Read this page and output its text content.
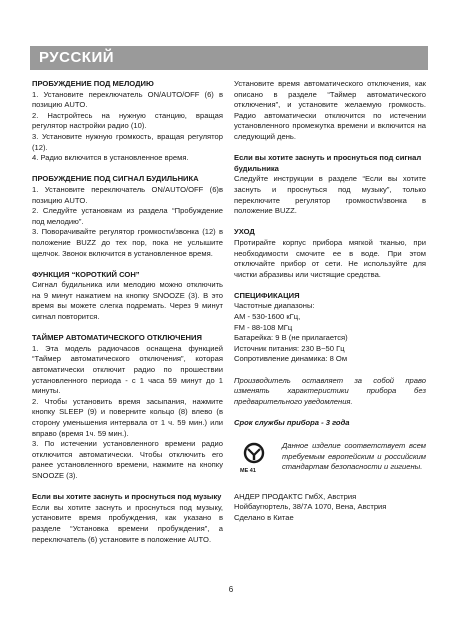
РУССКИЙ

ПРОБУЖДЕНИЕ ПОД МЕЛОДИЮ

1. Установите переключатель ON/AUTO/OFF (6) в позицию AUTO.

2. Настройтесь на нужную станцию, вращая регулятор настройки радио (10).

3. Установите нужную громкость, вращая регулятор (12).

4. Радио включится в установленное время.

ПРОБУЖДЕНИЕ ПОД СИГНАЛ БУДИЛЬНИКА

1. Установите переключатель ON/AUTO/OFF (6)в позицию AUTO.

2. Следуйте установкам из раздела “Пробуждение под мелодию”.

3. Поворачивайте регулятор громкости/звонка (12) в положение BUZZ до тех пор, пока не услышите щелчок. Звонок включится в установленное время.

ФУНКЦИЯ “КОРОТКИЙ СОН”

Сигнал будильника или мелодию можно отключить на 9 минут нажатием на кнопку SNOOZE (3). В это время вы можете слегка подремать. Через 9 минут сигнал повторится.

ТАЙМЕР АВТОМАТИЧЕСКОГО ОТКЛЮЧЕНИЯ

1. Эта модель радиочасов оснащена функцией “Таймер автоматического отключения”, которая автоматически отключит радио по прошествии установленного периода - с 1 часа 59 минут до 1 минуты.

2. Чтобы установить время засыпания, нажмите кнопку SLEEP (9) и поверните кольцо (8) влево (в сторону уменьшения интервала от 1 ч. 59 мин.) или вправо (время 1ч. 59 мин.).

3. По истечении установленного времени радио отключится автоматически. Чтобы отключить его ранее установленного времени, нажмите на кнопку SNOOZE (3).

Если вы хотите заснуть и проснуться под музыку

Если вы хотите заснуть и проснуться под музыку, установите время пробуждения, как указано в разделе “Установка времени пробуждения”, а переключатель (6) установите в положение AUTO.

Установите время автоматического отключения, как описано в разделе “Таймер автоматического отключения”, и установите желаемую громкость. Радио автоматически отключится по истечении установленного промежутка времени и включится на следующий день.

Если вы хотите заснуть и проснуться под сигнал будильника

Следуйте инструкции в разделе “Если вы хотите заснуть и проснуться под музыку”, только переключите регулятор громкости/звонка в положение BUZZ.

УХОД

Протирайте корпус прибора мягкой тканью, при необходимости смочите ее в воде. При этом отключайте прибор от сети. Не используйте для чистки абразивы или чистящие средства.

СПЕЦИФИКАЦИЯ

Частотные диапазоны:

AM - 530-1600 кГц,

FM - 88-108 МГц

Батарейка: 9 В (не прилагается)

Источник питания: 230 В~50 Гц

Сопротивление динамика: 8 Ом

Производитель оставляет за собой право изменять характеристики прибора без предварительного уведомления.

Срок службы прибора - 3 года

МЕ 41

Данное изделие соответствует всем требуемым европейским и российским стандартам безопасности и гигиены.

АНДЕР ПРОДАКТС ГмбХ, Австрия

Нойбаугюртель, 38/7А 1070, Вена, Австрия

Сделано в Китае

6
